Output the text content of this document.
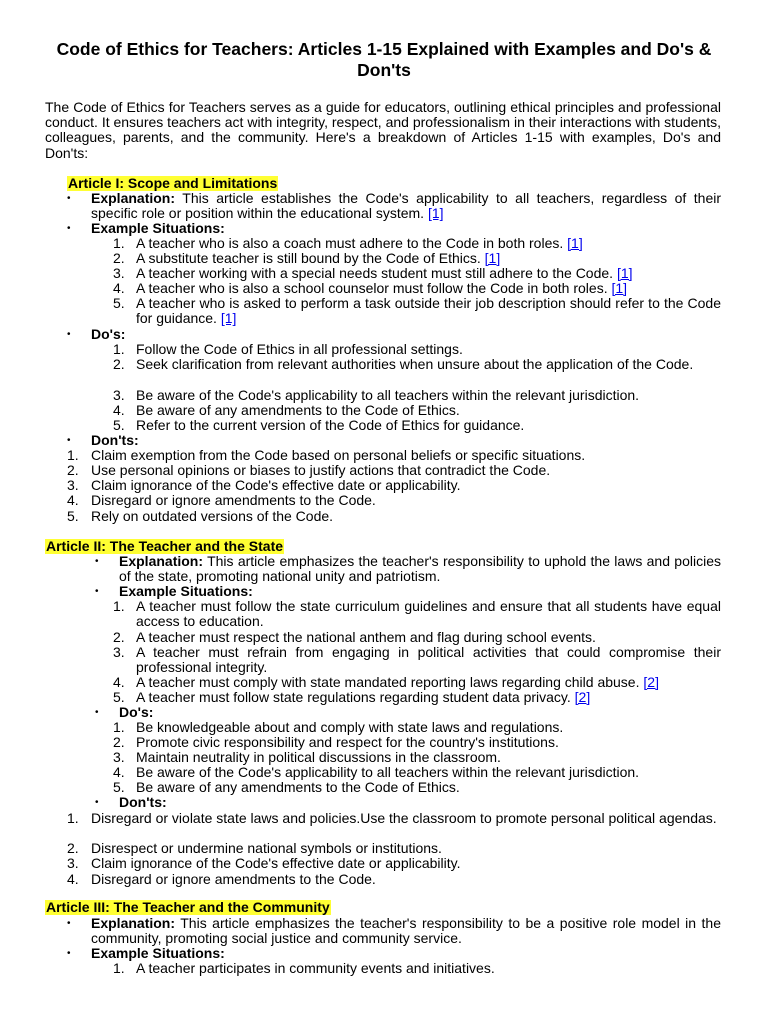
Code of Ethics for Teachers: Articles 1-15 Explained with Examples and Do's & Don'ts

The Code of Ethics for Teachers serves as a guide for educators, outlining ethical principles and professional conduct. It ensures teachers act with integrity, respect, and professionalism in their interactions with students, colleagues, parents, and the community. Here's a breakdown of Articles 1-15 with examples, Do's and Don'ts:

Article I: Scope and Limitations
•	Explanation: This article establishes the Code's applicability to all teachers, regardless of their specific role or position within the educational system. [1]
•	Example Situations:
1. A teacher who is also a coach must adhere to the Code in both roles. [1]
2. A substitute teacher is still bound by the Code of Ethics. [1]
3. A teacher working with a special needs student must still adhere to the Code. [1]
4. A teacher who is also a school counselor must follow the Code in both roles. [1]
5. A teacher who is asked to perform a task outside their job description should refer to the Code for guidance. [1]
•	Do's:
1. Follow the Code of Ethics in all professional settings.
2. Seek clarification from relevant authorities when unsure about the application of the Code.
3. Be aware of the Code's applicability to all teachers within the relevant jurisdiction.
4. Be aware of any amendments to the Code of Ethics.
5. Refer to the current version of the Code of Ethics for guidance.
•	Don'ts:
1. Claim exemption from the Code based on personal beliefs or specific situations.
2. Use personal opinions or biases to justify actions that contradict the Code.
3. Claim ignorance of the Code's effective date or applicability.
4. Disregard or ignore amendments to the Code.
5. Rely on outdated versions of the Code.
Article II: The Teacher and the State
•	Explanation: This article emphasizes the teacher's responsibility to uphold the laws and policies of the state, promoting national unity and patriotism.
•	Example Situations:
1. A teacher must follow the state curriculum guidelines and ensure that all students have equal access to education.
2. A teacher must respect the national anthem and flag during school events.
3. A teacher must refrain from engaging in political activities that could compromise their professional integrity.
4. A teacher must comply with state mandated reporting laws regarding child abuse. [2]
5. A teacher must follow state regulations regarding student data privacy. [2]
•	Do's:
1. Be knowledgeable about and comply with state laws and regulations.
2. Promote civic responsibility and respect for the country's institutions.
3. Maintain neutrality in political discussions in the classroom.
4. Be aware of the Code's applicability to all teachers within the relevant jurisdiction.
5. Be aware of any amendments to the Code of Ethics.
•	Don'ts:
1. Disregard or violate state laws and policies.Use the classroom to promote personal political agendas.
2. Disrespect or undermine national symbols or institutions.
3. Claim ignorance of the Code's effective date or applicability.
4. Disregard or ignore amendments to the Code.
Article III: The Teacher and the Community
•	Explanation: This article emphasizes the teacher's responsibility to be a positive role model in the community, promoting social justice and community service.
•	Example Situations:
1. A teacher participates in community events and initiatives.
